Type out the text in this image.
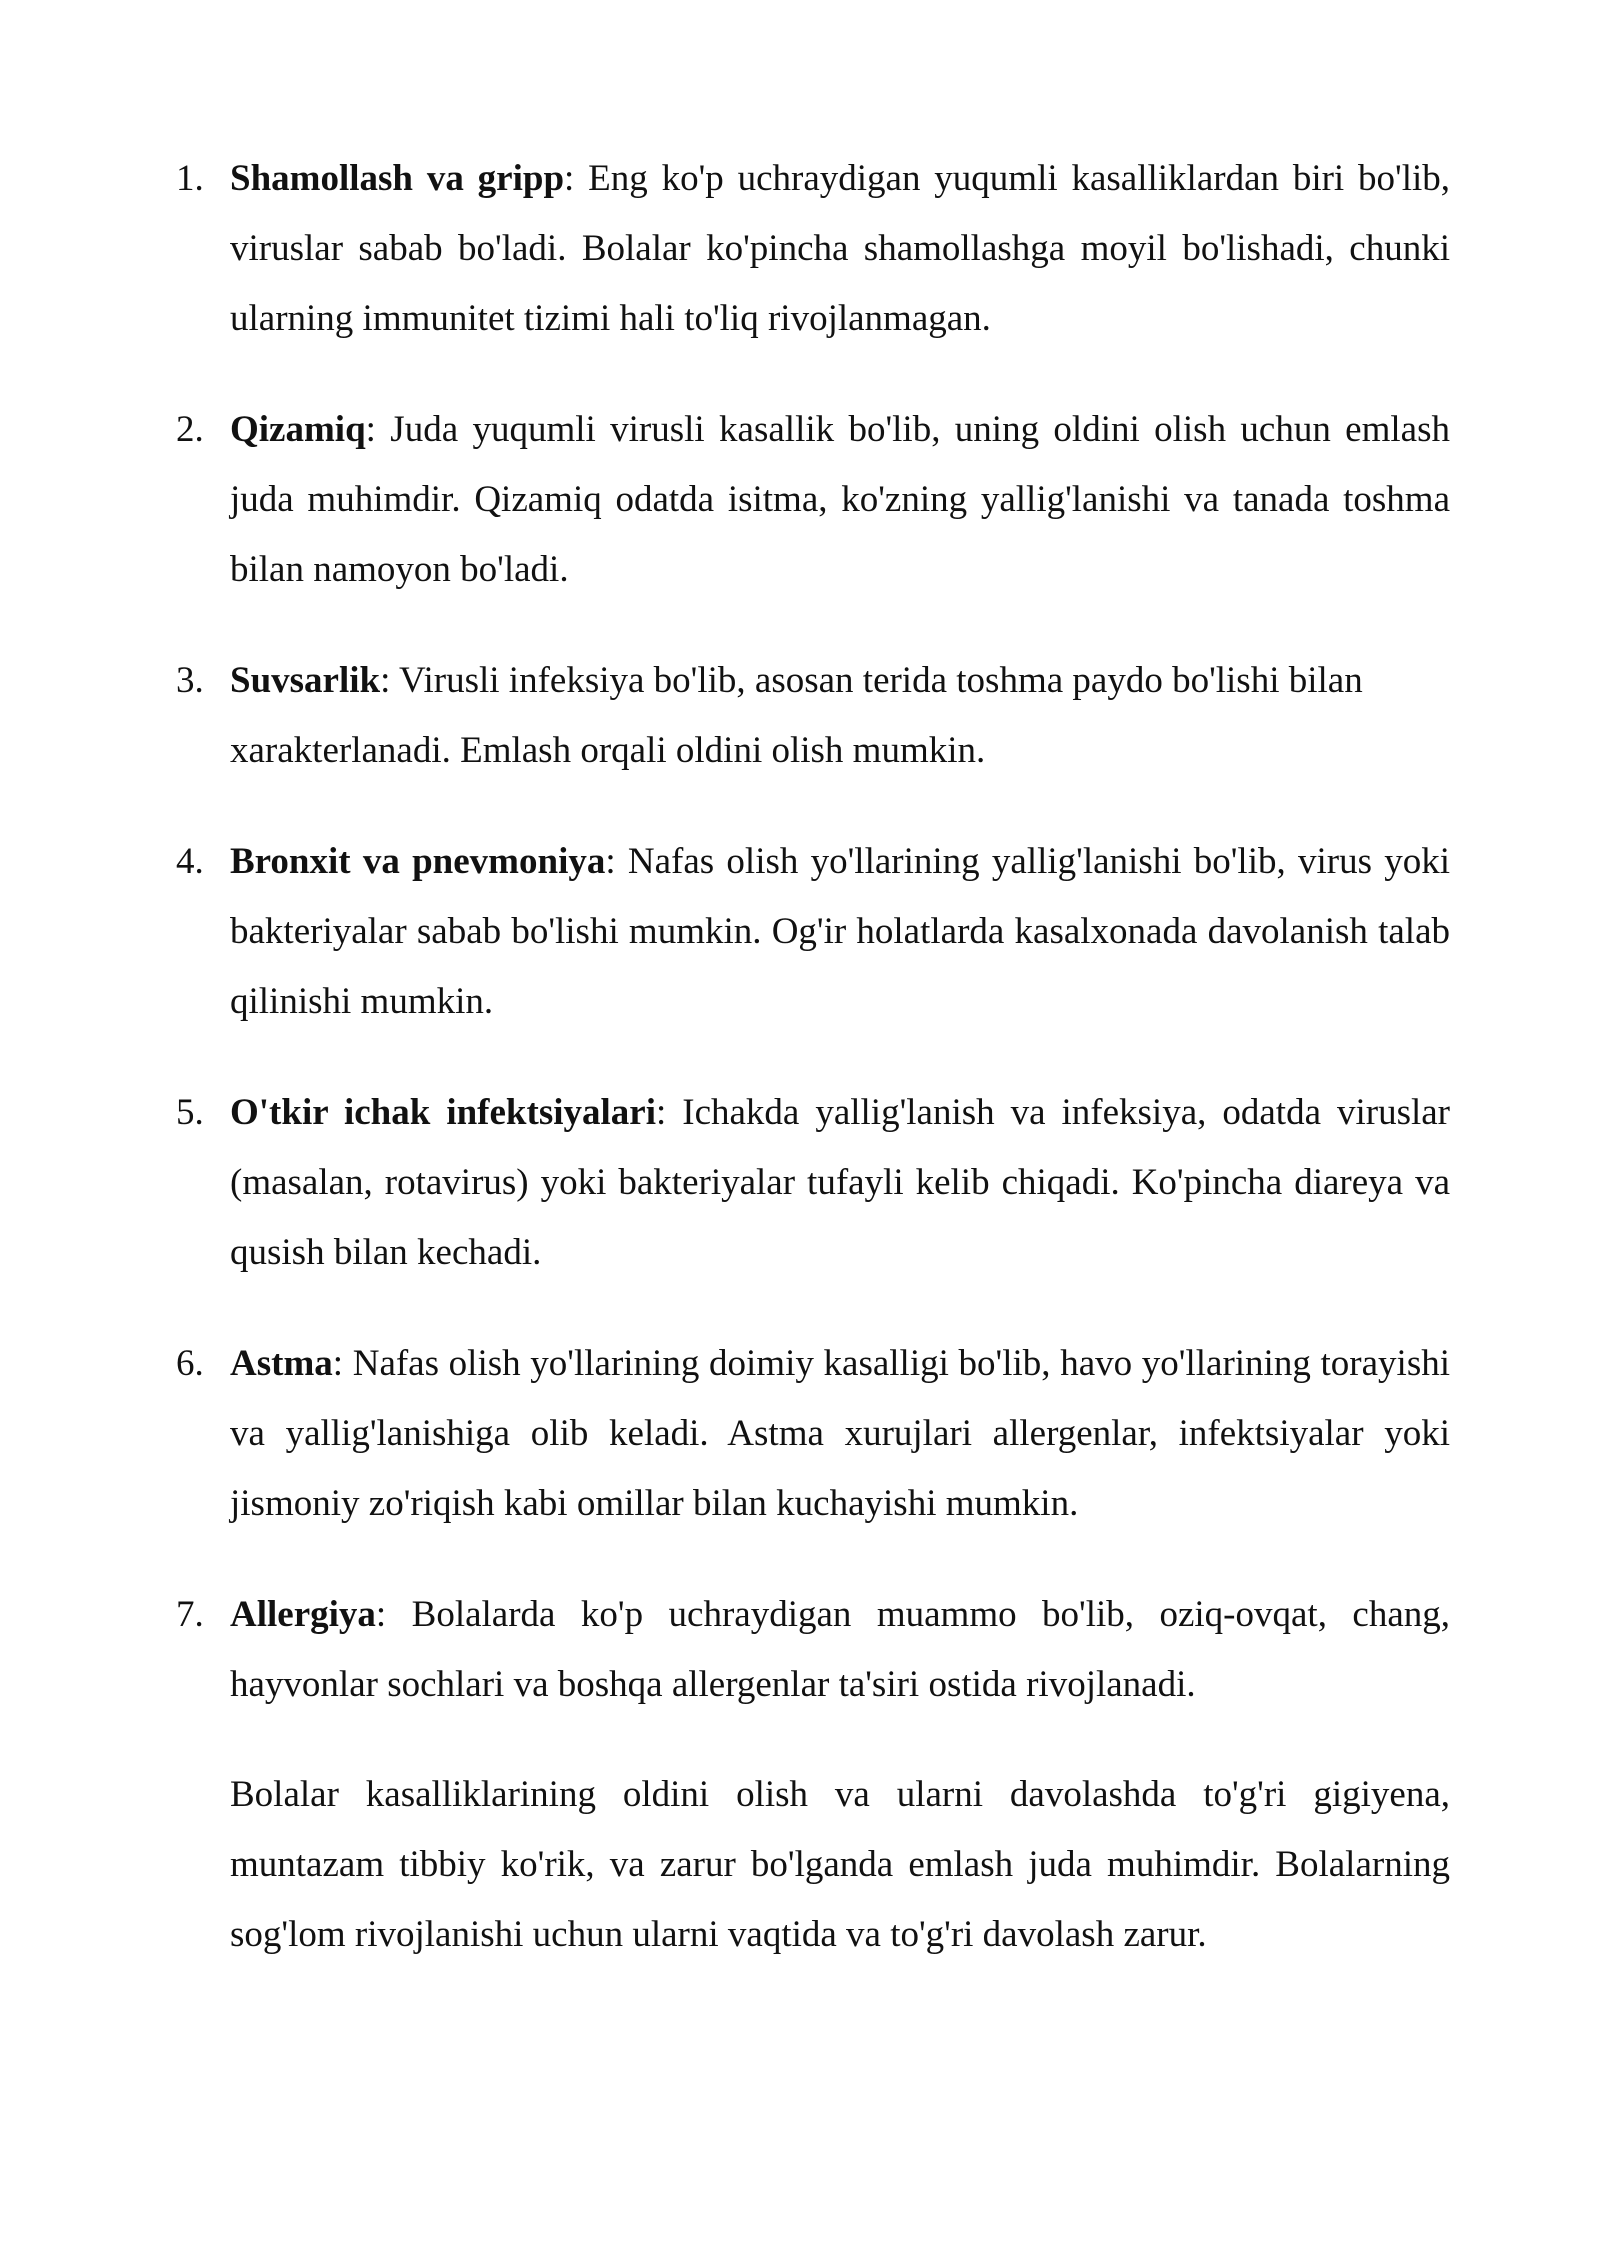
1. Shamollash va gripp: Eng ko'p uchraydigan yuqumli kasalliklardan biri bo'lib, viruslar sabab bo'ladi. Bolalar ko'pincha shamollashga moyil bo'lishadi, chunki ularning immunitet tizimi hali to'liq rivojlanmagan.
2. Qizamiq: Juda yuqumli virusli kasallik bo'lib, uning oldini olish uchun emlash juda muhimdir. Qizamiq odatda isitma, ko'zning yallig'lanishi va tanada toshma bilan namoyon bo'ladi.
3. Suvsarlik: Virusli infeksiya bo'lib, asosan terida toshma paydo bo'lishi bilan xarakterlanadi. Emlash orqali oldini olish mumkin.
4. Bronxit va pnevmoniya: Nafas olish yo'llarining yallig'lanishi bo'lib, virus yoki bakteriyalar sabab bo'lishi mumkin. Og'ir holatlarda kasalxonada davolanish talab qilinishi mumkin.
5. O'tkir ichak infektsiyalari: Ichakda yallig'lanish va infeksiya, odatda viruslar (masalan, rotavirus) yoki bakteriyalar tufayli kelib chiqadi. Ko'pincha diareya va qusish bilan kechadi.
6. Astma: Nafas olish yo'llarining doimiy kasalligi bo'lib, havo yo'llarining torayishi va yallig'lanishiga olib keladi. Astma xurujlari allergenlar, infektsiyalar yoki jismoniy zo'riqish kabi omillar bilan kuchayishi mumkin.
7. Allergiya: Bolalarda ko'p uchraydigan muammo bo'lib, oziq-ovqat, chang, hayvonlar sochlari va boshqa allergenlar ta'siri ostida rivojlanadi.

Bolalar kasalliklarining oldini olish va ularni davolashda to'g'ri gigiyena, muntazam tibbiy ko'rik, va zarur bo'lganda emlash juda muhimdir. Bolalarning sog'lom rivojlanishi uchun ularni vaqtida va to'g'ri davolash zarur.
